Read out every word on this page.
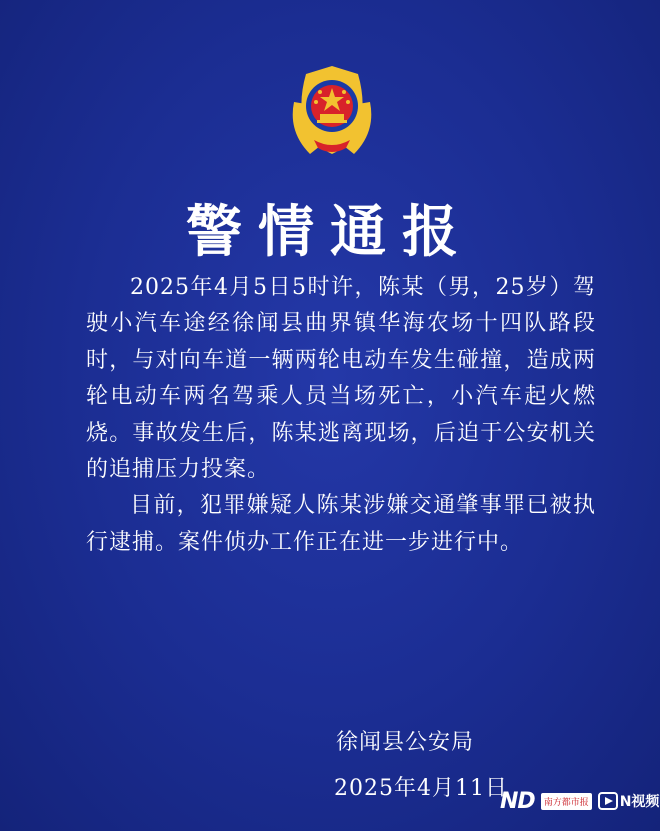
警情通报

2025年4月5日5时许，陈某（男，25岁）驾驶小汽车途经徐闻县曲界镇华海农场十四队路段时，与对向车道一辆两轮电动车发生碰撞，造成两轮电动车两名驾乘人员当场死亡，小汽车起火燃烧。事故发生后，陈某逃离现场，后迫于公安机关的追捕压力投案。

目前，犯罪嫌疑人陈某涉嫌交通肇事罪已被执行逮捕。案件侦办工作正在进一步进行中。

徐闻县公安局
2025年4月11日
ND	南方都市报 N视频
